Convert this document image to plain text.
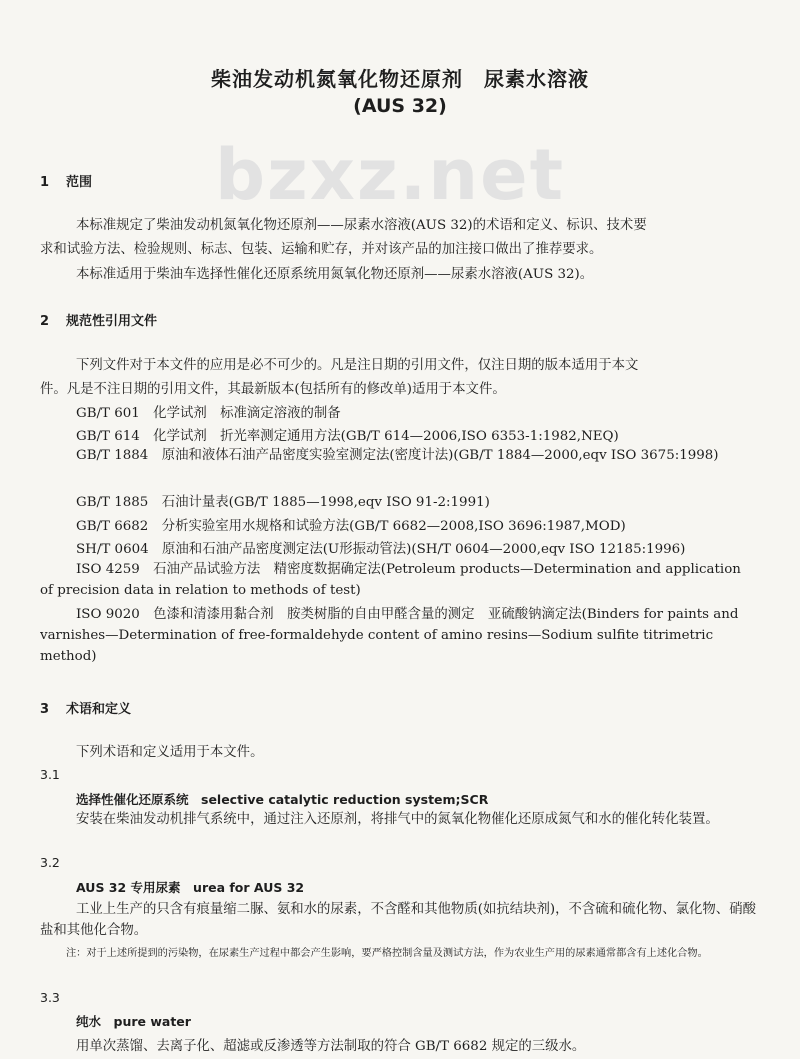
柴油发动机氮氧化物还原剂　尿素水溶液
(AUS 32)
bzxz.net
1 范围
本标准规定了柴油发动机氮氧化物还原剂——尿素水溶液(AUS 32)的术语和定义、标识、技术要
求和试验方法、检验规则、标志、包装、运输和贮存，并对该产品的加注接口做出了推荐要求。
本标准适用于柴油车选择性催化还原系统用氮氧化物还原剂——尿素水溶液(AUS 32)。
2 规范性引用文件
下列文件对于本文件的应用是必不可少的。凡是注日期的引用文件，仅注日期的版本适用于本文
件。凡是不注日期的引用文件，其最新版本(包括所有的修改单)适用于本文件。
GB/T 601　化学试剂　标准滴定溶液的制备
GB/T 614　化学试剂　折光率测定通用方法(GB/T 614—2006,ISO 6353-1:1982,NEQ)
GB/T 1884　原油和液体石油产品密度实验室测定法(密度计法)(GB/T 1884—2000,eqv ISO 3675:1998)
GB/T 1885　石油计量表(GB/T 1885—1998,eqv ISO 91-2:1991)
GB/T 6682　分析实验室用水规格和试验方法(GB/T 6682—2008,ISO 3696:1987,MOD)
SH/T 0604　原油和石油产品密度测定法(U形振动管法)(SH/T 0604—2000,eqv ISO 12185:1996)
ISO 4259　石油产品试验方法　精密度数据确定法(Petroleum products—Determination and application of precision data in relation to methods of test)
ISO 9020　色漆和清漆用黏合剂　胺类树脂的自由甲醛含量的测定　亚硫酸钠滴定法(Binders for paints and varnishes—Determination of free-formaldehyde content of amino resins—Sodium sulfite titrimetric method)
3 术语和定义
下列术语和定义适用于本文件。
3.1
选择性催化还原系统　selective catalytic reduction system;SCR
安装在柴油发动机排气系统中，通过注入还原剂，将排气中的氮氧化物催化还原成氮气和水的催化转化装置。
3.2
AUS 32 专用尿素　urea for AUS 32
工业上生产的只含有痕量缩二脲、氨和水的尿素，不含醛和其他物质(如抗结块剂)，不含硫和硫化物、氯化物、硝酸盐和其他化合物。
注：对于上述所提到的污染物，在尿素生产过程中都会产生影响，要严格控制含量及测试方法，作为农业生产用的尿素通常都含有上述化合物。
3.3
纯水　pure water
用单次蒸馏、去离子化、超滤或反渗透等方法制取的符合 GB/T 6682 规定的三级水。
